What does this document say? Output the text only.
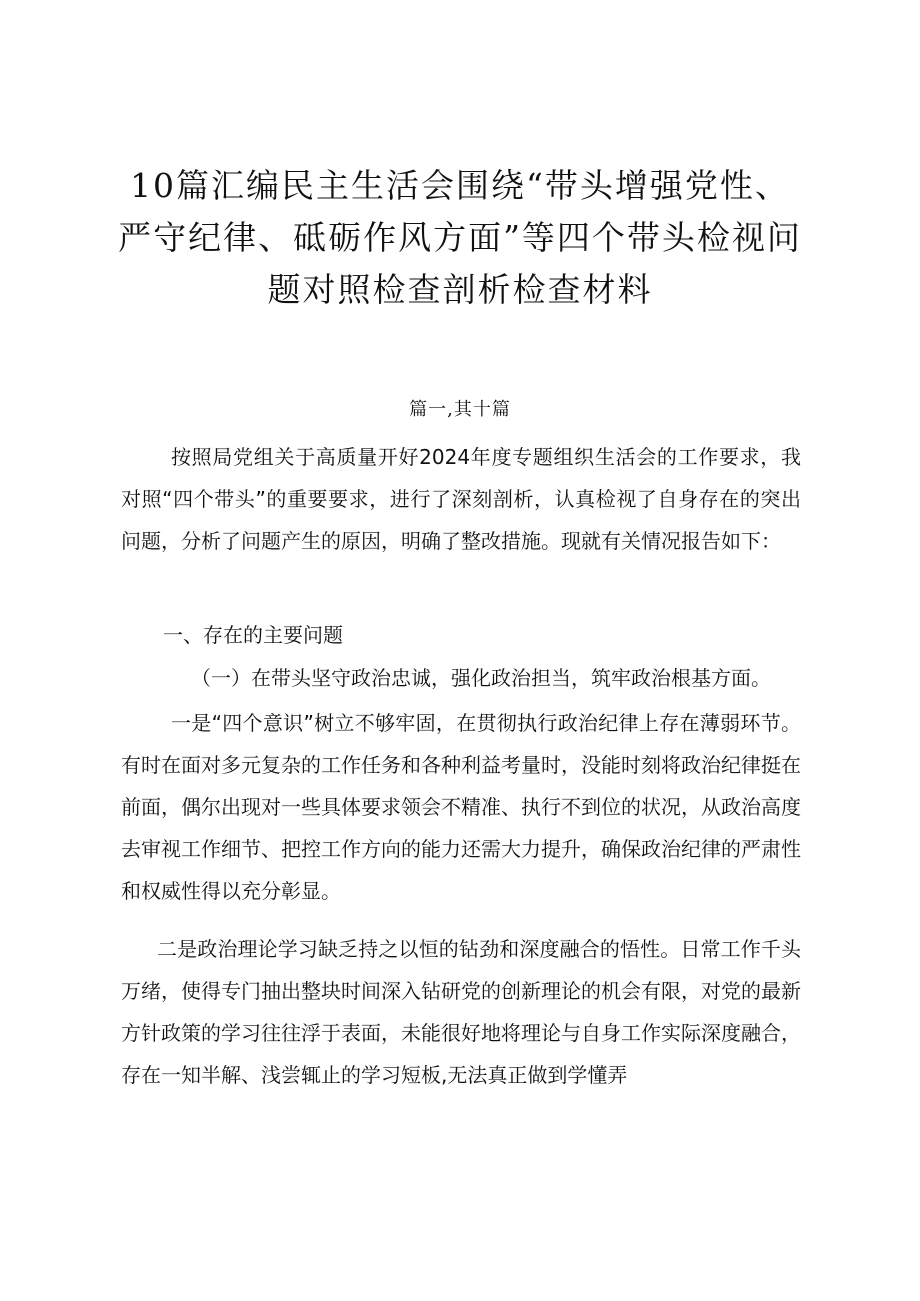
10篇汇编民主生活会围绕“带头增强党性、
严守纪律、砥砺作风方面”等四个带头检视问
题对照检查剖析检查材料
篇一,其十篇

按照局党组关于高质量开好2024年度专题组织生活会的工作要求，我对照“四个带头”的重要要求，进行了深刻剖析，认真检视了自身存在的突出问题，分析了问题产生的原因，明确了整改措施。现就有关情况报告如下：

一、存在的主要问题
（一）在带头坚守政治忠诚，强化政治担当，筑牢政治根基方面。

一是“四个意识”树立不够牢固，在贯彻执行政治纪律上存在薄弱环节。有时在面对多元复杂的工作任务和各种利益考量时，没能时刻将政治纪律挺在前面，偶尔出现对一些具体要求领会不精准、执行不到位的状况，从政治高度去审视工作细节、把控工作方向的能力还需大力提升，确保政治纪律的严肃性和权威性得以充分彰显。

二是政治理论学习缺乏持之以恒的钻劲和深度融合的悟性。日常工作千头万绪，使得专门抽出整块时间深入钻研党的创新理论的机会有限，对党的最新方针政策的学习往往浮于表面，未能很好地将理论与自身工作实际深度融合，存在一知半解、浅尝辄止的学习短板,无法真正做到学懂弄
